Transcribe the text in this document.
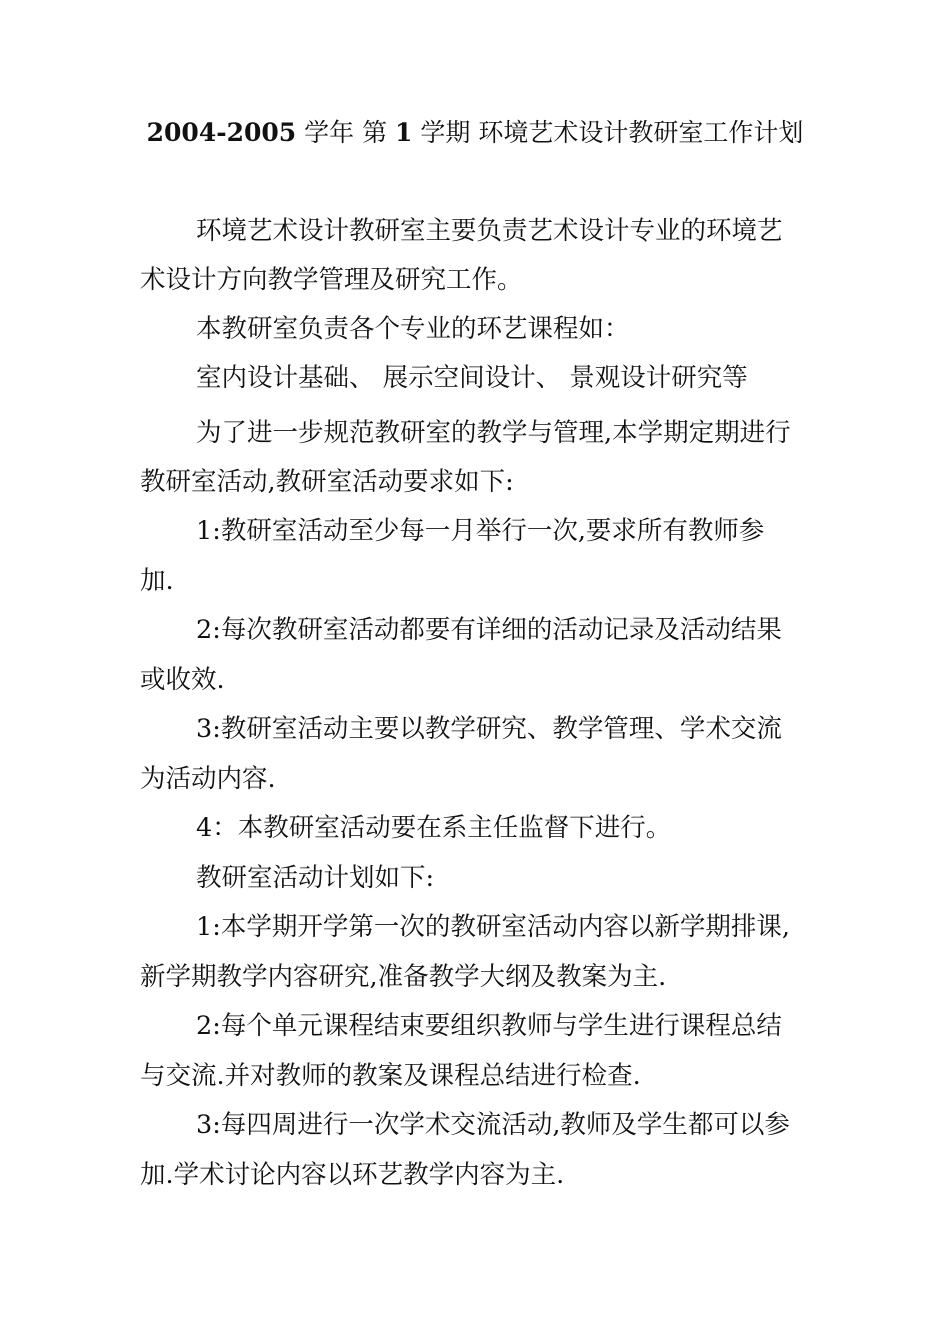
2004-2005 学年 第 1 学期 环境艺术设计教研室工作计划
环境艺术设计教研室主要负责艺术设计专业的环境艺
术设计方向教学管理及研究工作。
本教研室负责各个专业的环艺课程如：
室内设计基础、 展示空间设计、 景观设计研究等
为了进一步规范教研室的教学与管理,本学期定期进行
教研室活动,教研室活动要求如下:
1:教研室活动至少每一月举行一次,要求所有教师参
加.
2:每次教研室活动都要有详细的活动记录及活动结果
或收效.
3:教研室活动主要以教学研究、教学管理、学术交流
为活动内容.
4：本教研室活动要在系主任监督下进行。
教研室活动计划如下:
1:本学期开学第一次的教研室活动内容以新学期排课,
新学期教学内容研究,准备教学大纲及教案为主.
2:每个单元课程结束要组织教师与学生进行课程总结
与交流.并对教师的教案及课程总结进行检查.
3:每四周进行一次学术交流活动,教师及学生都可以参
加.学术讨论内容以环艺教学内容为主.
